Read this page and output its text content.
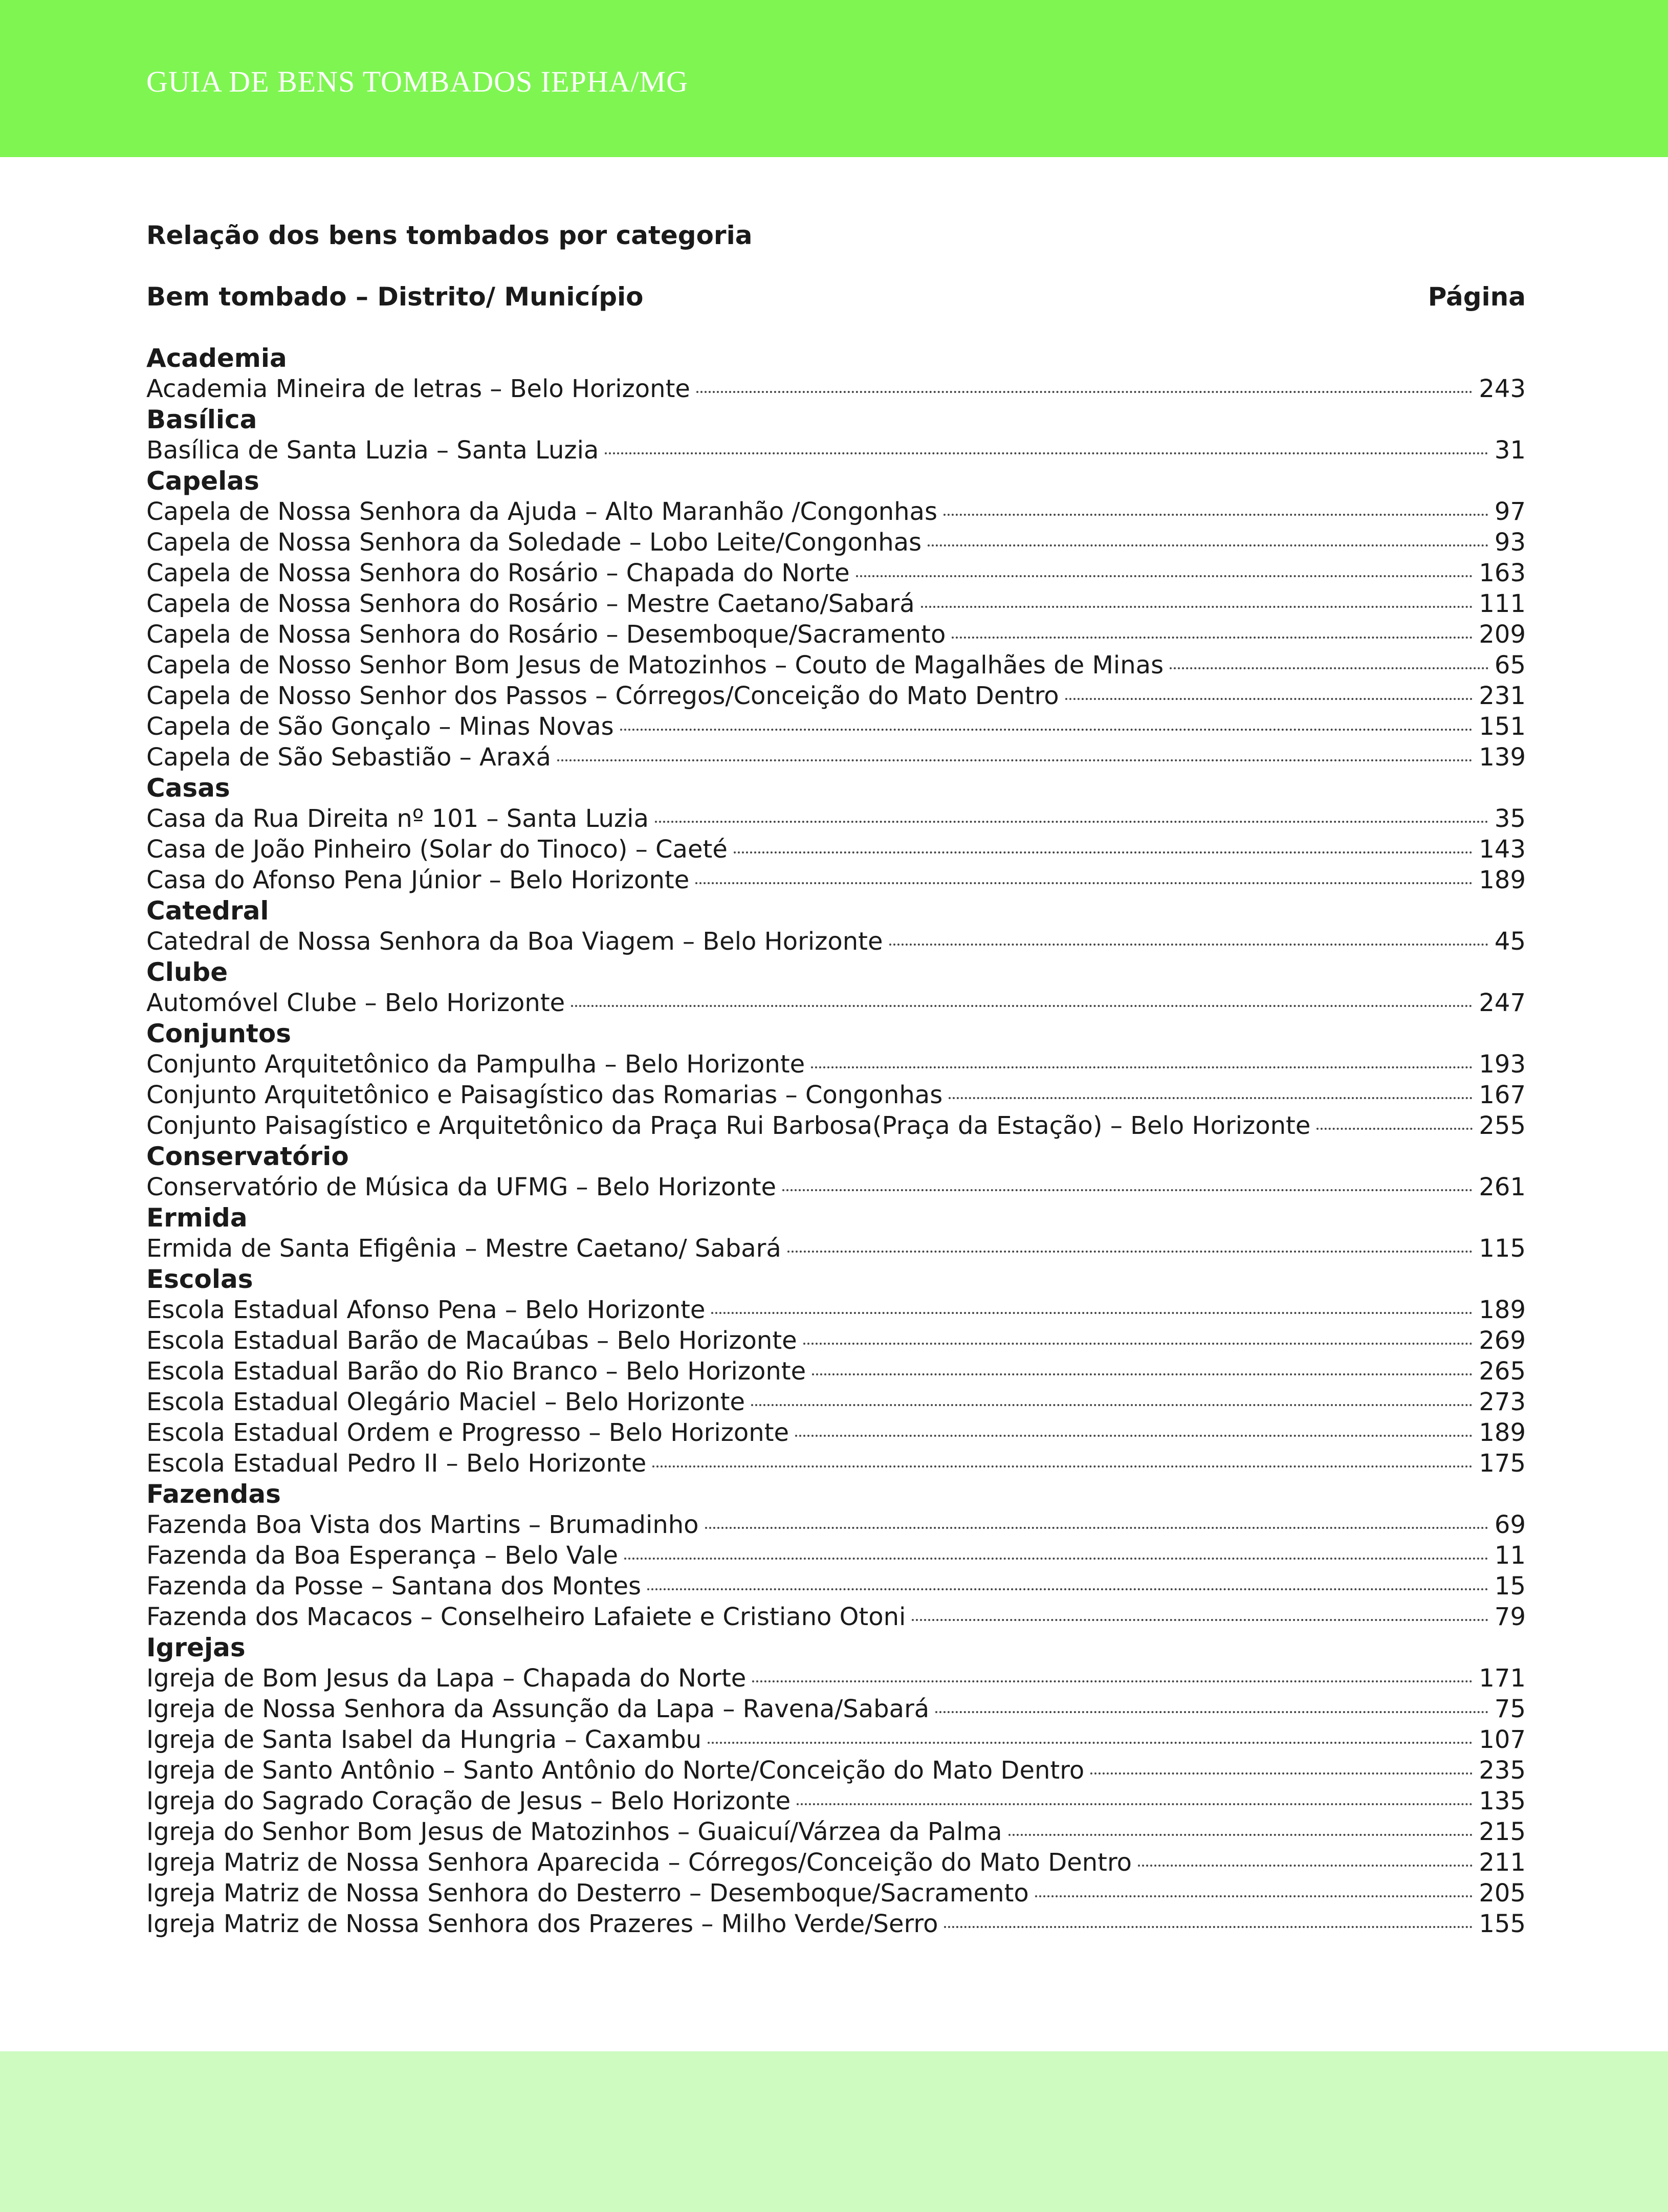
GUIA DE BENS TOMBADOS IEPHA/MG
Relação dos bens tombados por categoria
Bem tombado – Distrito/ Município	Página
Academia
Academia Mineira de letras – Belo Horizonte	243
Basílica
Basílica de Santa Luzia – Santa Luzia	31
Capelas
Capela de Nossa Senhora da Ajuda – Alto Maranhão /Congonhas	97
Capela de Nossa Senhora da Soledade – Lobo Leite/Congonhas	93
Capela de Nossa Senhora do Rosário – Chapada do Norte	163
Capela de Nossa Senhora do Rosário – Mestre Caetano/Sabará	111
Capela de Nossa Senhora do Rosário – Desemboque/Sacramento	209
Capela de Nosso Senhor Bom Jesus de Matozinhos – Couto de Magalhães de Minas	65
Capela de Nosso Senhor dos Passos – Córregos/Conceição do Mato Dentro	231
Capela de São Gonçalo – Minas Novas	151
Capela de São Sebastião – Araxá	139
Casas
Casa da Rua Direita nº 101 – Santa Luzia	35
Casa de João Pinheiro (Solar do Tinoco) – Caeté	143
Casa do Afonso Pena Júnior – Belo Horizonte	189
Catedral
Catedral de Nossa Senhora da Boa Viagem – Belo Horizonte	45
Clube
Automóvel Clube – Belo Horizonte	247
Conjuntos
Conjunto Arquitetônico da Pampulha – Belo Horizonte	193
Conjunto Arquitetônico e Paisagístico das Romarias – Congonhas	167
Conjunto Paisagístico e Arquitetônico da Praça Rui Barbosa(Praça da Estação) – Belo Horizonte	255
Conservatório
Conservatório de Música da UFMG – Belo Horizonte	261
Ermida
Ermida de Santa Efigênia – Mestre Caetano/ Sabará	115
Escolas
Escola Estadual Afonso Pena – Belo Horizonte	189
Escola Estadual Barão de Macaúbas – Belo Horizonte	269
Escola Estadual Barão do Rio Branco – Belo Horizonte	265
Escola Estadual Olegário Maciel – Belo Horizonte	273
Escola Estadual Ordem e Progresso – Belo Horizonte	189
Escola Estadual Pedro II – Belo Horizonte	175
Fazendas
Fazenda Boa Vista dos Martins – Brumadinho	69
Fazenda da Boa Esperança – Belo Vale	11
Fazenda da Posse – Santana dos Montes	15
Fazenda dos Macacos – Conselheiro Lafaiete e Cristiano Otoni	79
Igrejas
Igreja de Bom Jesus da Lapa – Chapada do Norte	171
Igreja de Nossa Senhora da Assunção da Lapa – Ravena/Sabará	75
Igreja de Santa Isabel da Hungria – Caxambu	107
Igreja de Santo Antônio – Santo Antônio do Norte/Conceição do Mato Dentro	235
Igreja do Sagrado Coração de Jesus – Belo Horizonte	135
Igreja do Senhor Bom Jesus de Matozinhos – Guaicuí/Várzea da Palma	215
Igreja Matriz de Nossa Senhora Aparecida – Córregos/Conceição do Mato Dentro	211
Igreja Matriz de Nossa Senhora do Desterro – Desemboque/Sacramento	205
Igreja Matriz de Nossa Senhora dos Prazeres – Milho Verde/Serro	155
